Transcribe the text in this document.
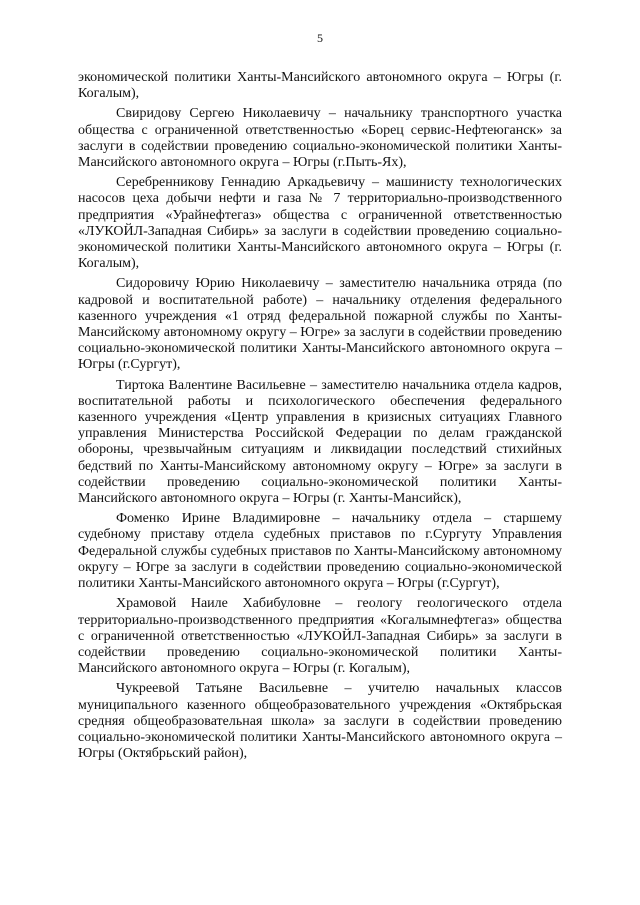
5

экономической политики Ханты-Мансийского автономного округа – Югры (г. Когалым),

Свиридову Сергею Николаевичу – начальнику транспортного участка общества с ограниченной ответственностью «Борец сервис-Нефтеюганск» за заслуги в содействии проведению социально-экономической политики Ханты-Мансийского автономного округа – Югры (г.Пыть-Ях),

Серебренникову Геннадию Аркадьевичу – машинисту технологических насосов цеха добычи нефти и газа № 7 территориально-производственного предприятия «Урайнефтегаз» общества с ограниченной ответственностью «ЛУКОЙЛ-Западная Сибирь» за заслуги в содействии проведению социально-экономической политики Ханты-Мансийского автономного округа – Югры (г. Когалым),

Сидоровичу Юрию Николаевичу – заместителю начальника отряда (по кадровой и воспитательной работе) – начальнику отделения федерального казенного учреждения «1 отряд федеральной пожарной службы по Ханты-Мансийскому автономному округу – Югре» за заслуги в содействии проведению социально-экономической политики Ханты-Мансийского автономного округа – Югры (г.Сургут),

Тиртока Валентине Васильевне – заместителю начальника отдела кадров, воспитательной работы и психологического обеспечения федерального казенного учреждения «Центр управления в кризисных ситуациях Главного управления Министерства Российской Федерации по делам гражданской обороны, чрезвычайным ситуациям и ликвидации последствий стихийных бедствий по Ханты-Мансийскому автономному округу – Югре» за заслуги в содействии проведению социально-экономической политики Ханты-Мансийского автономного округа – Югры (г. Ханты-Мансийск),

Фоменко Ирине Владимировне – начальнику отдела – старшему судебному приставу отдела судебных приставов по г.Сургуту Управления Федеральной службы судебных приставов по Ханты-Мансийскому автономному округу – Югре за заслуги в содействии проведению социально-экономической политики Ханты-Мансийского автономного округа – Югры (г.Сургут),

Храмовой Наиле Хабибуловне – геологу геологического отдела территориально-производственного предприятия «Когалымнефтегаз» общества с ограниченной ответственностью «ЛУКОЙЛ-Западная Сибирь» за заслуги в содействии проведению социально-экономической политики Ханты-Мансийского автономного округа – Югры (г. Когалым),

Чукреевой Татьяне Васильевне – учителю начальных классов муниципального казенного общеобразовательного учреждения «Октябрьская средняя общеобразовательная школа» за заслуги в содействии проведению социально-экономической политики Ханты-Мансийского автономного округа – Югры (Октябрьский район),
